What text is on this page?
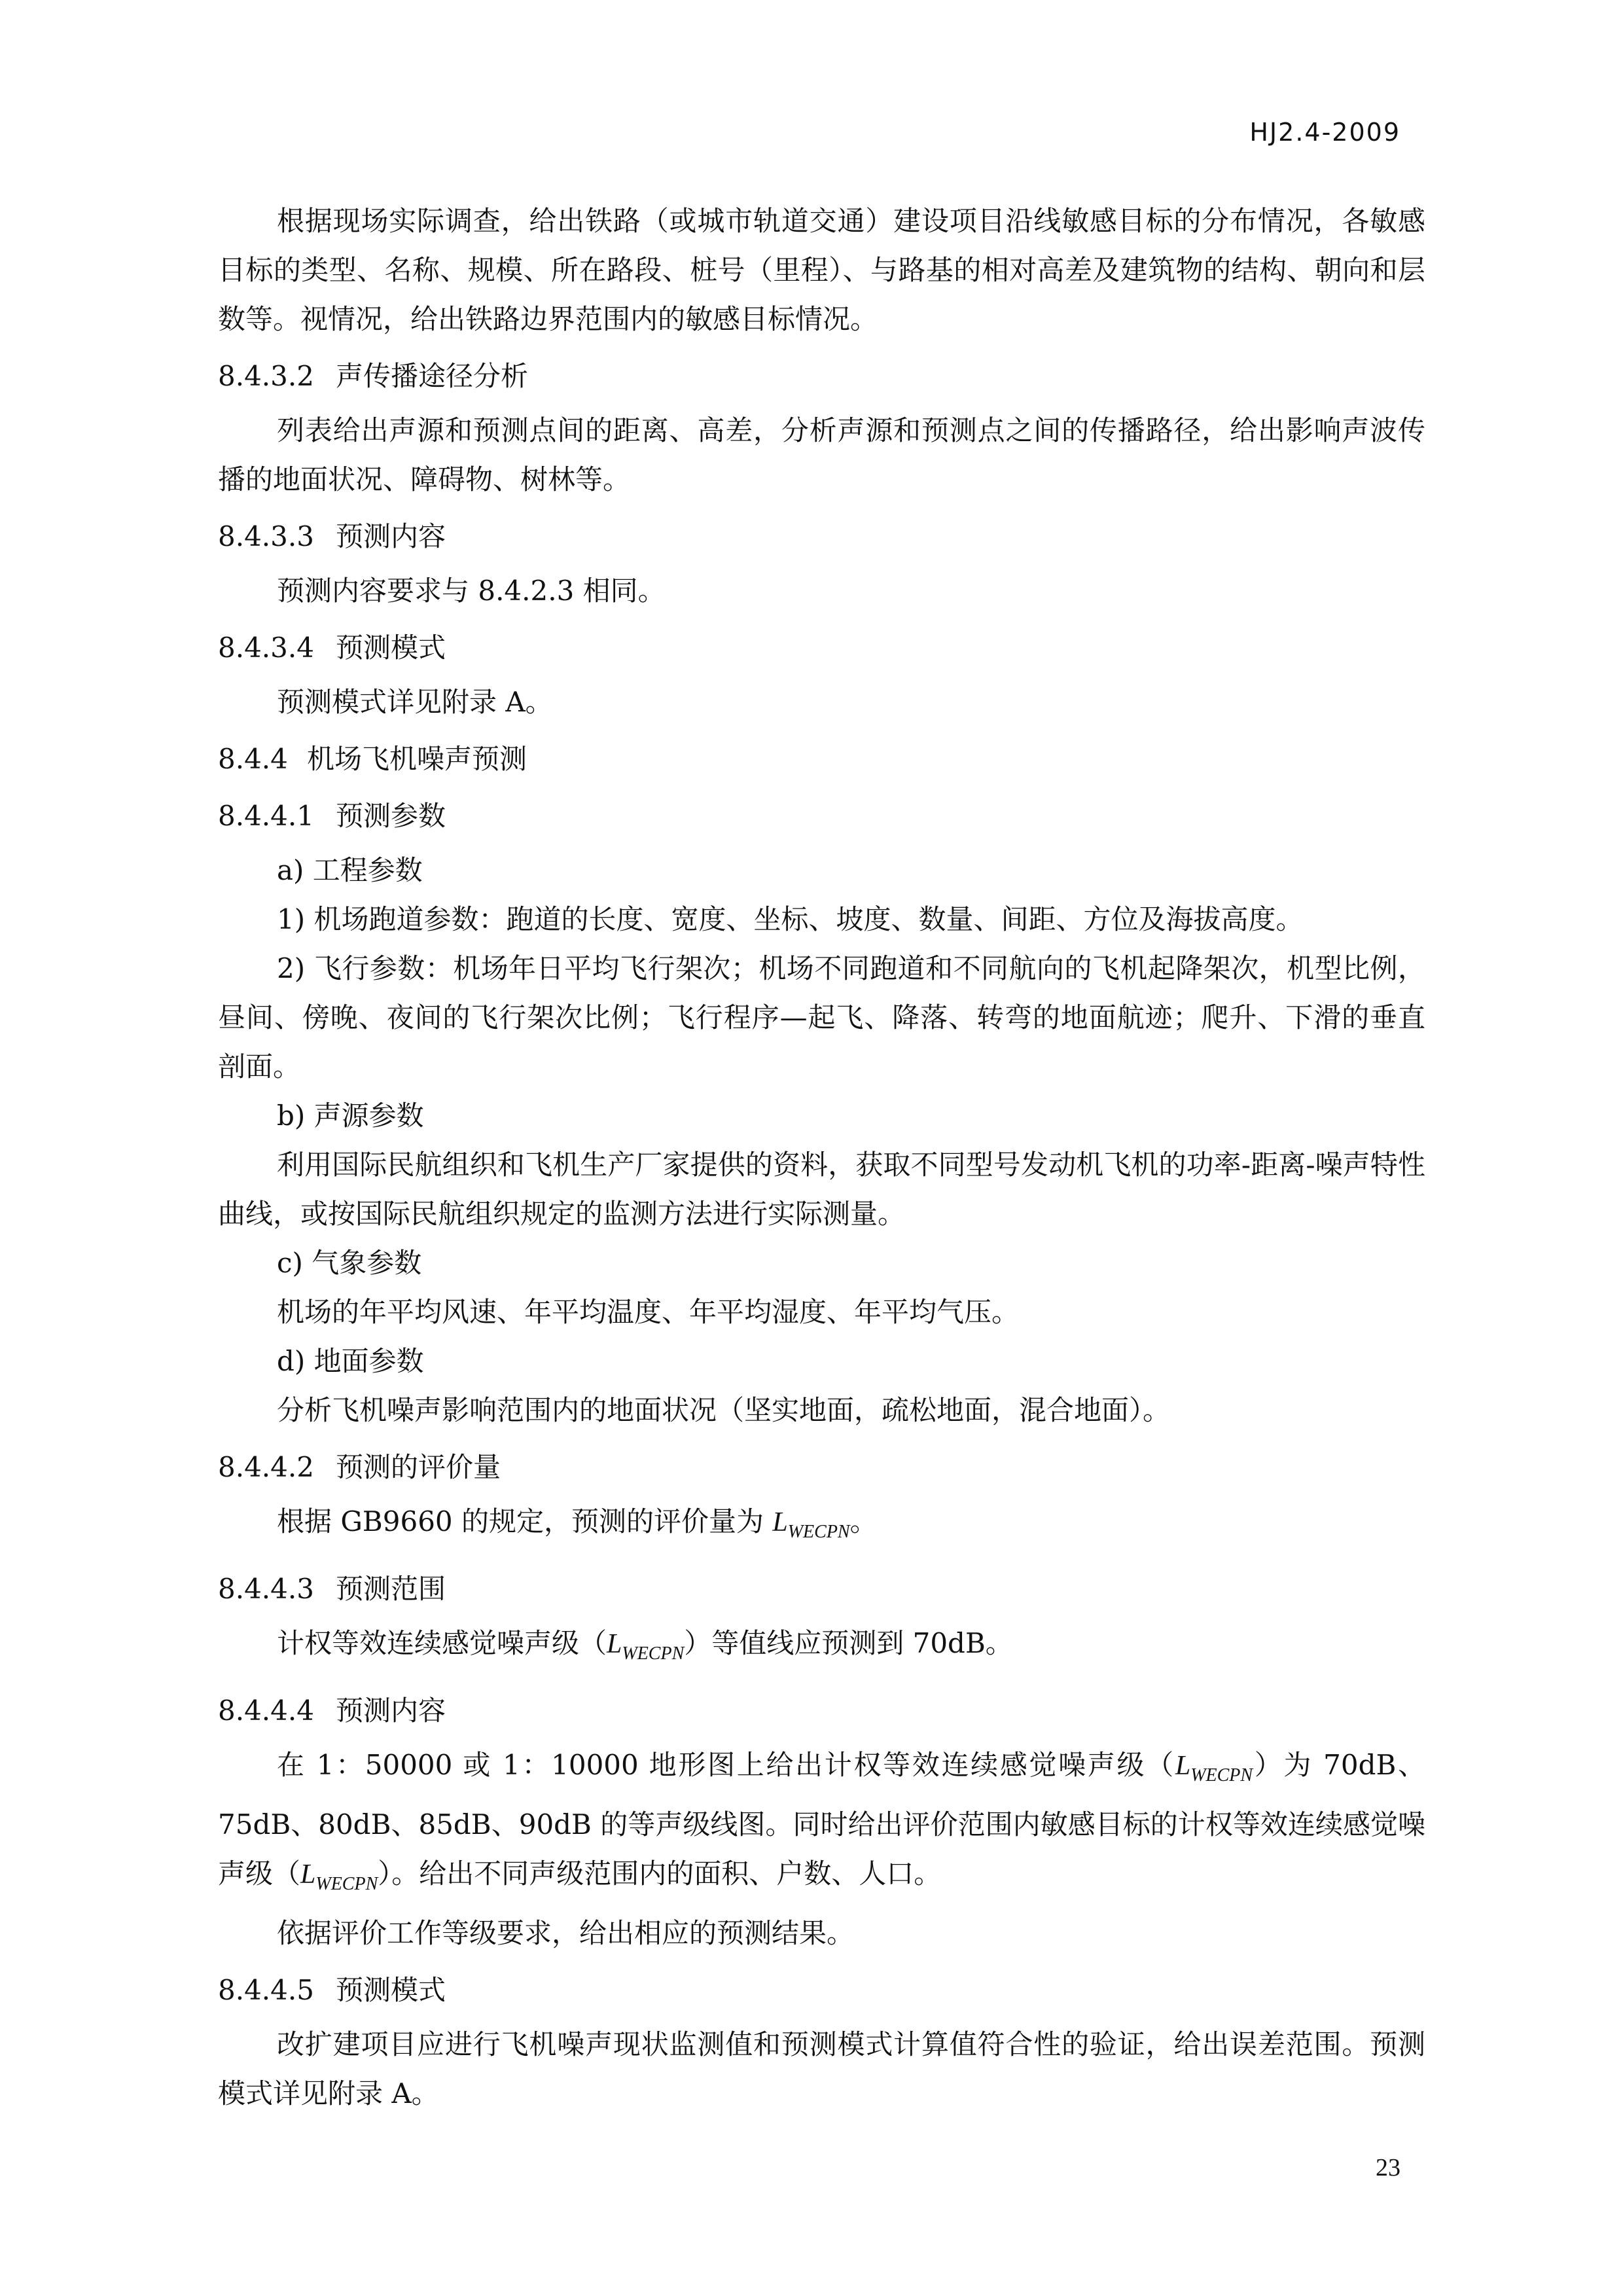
HJ2.4-2009
根据现场实际调查，给出铁路（或城市轨道交通）建设项目沿线敏感目标的分布情况，各敏感目标的类型、名称、规模、所在路段、桩号（里程）、与路基的相对高差及建筑物的结构、朝向和层数等。视情况，给出铁路边界范围内的敏感目标情况。
8.4.3.2 声传播途径分析
列表给出声源和预测点间的距离、高差，分析声源和预测点之间的传播路径，给出影响声波传播的地面状况、障碍物、树林等。
8.4.3.3 预测内容
预测内容要求与 8.4.2.3 相同。
8.4.3.4 预测模式
预测模式详见附录 A。
8.4.4 机场飞机噪声预测
8.4.4.1 预测参数
a) 工程参数
1) 机场跑道参数：跑道的长度、宽度、坐标、坡度、数量、间距、方位及海拔高度。
2) 飞行参数：机场年日平均飞行架次；机场不同跑道和不同航向的飞机起降架次，机型比例，昼间、傍晚、夜间的飞行架次比例；飞行程序—起飞、降落、转弯的地面航迹；爬升、下滑的垂直剖面。
b) 声源参数
利用国际民航组织和飞机生产厂家提供的资料，获取不同型号发动机飞机的功率-距离-噪声特性曲线，或按国际民航组织规定的监测方法进行实际测量。
c) 气象参数
机场的年平均风速、年平均温度、年平均湿度、年平均气压。
d) 地面参数
分析飞机噪声影响范围内的地面状况（坚实地面，疏松地面，混合地面）。
8.4.4.2 预测的评价量
根据 GB9660 的规定，预测的评价量为 $L_{WECPN}$。
8.4.4.3 预测范围
计权等效连续感觉噪声级$(L_{WECPN})$等值线应预测到 70dB。
8.4.4.4 预测内容
在 1：50000 或 1：10000 地形图上给出计权等效连续感觉噪声级$(L_{WECPN})$为 70dB、75dB、80dB、85dB、90dB 的等声级线图。同时给出评价范围内敏感目标的计权等效连续感觉噪声级$(L_{WECPN})$。给出不同声级范围内的面积、户数、人口。
依据评价工作等级要求，给出相应的预测结果。
8.4.4.5 预测模式
改扩建项目应进行飞机噪声现状监测值和预测模式计算值符合性的验证，给出误差范围。预测模式详见附录 A。
23
